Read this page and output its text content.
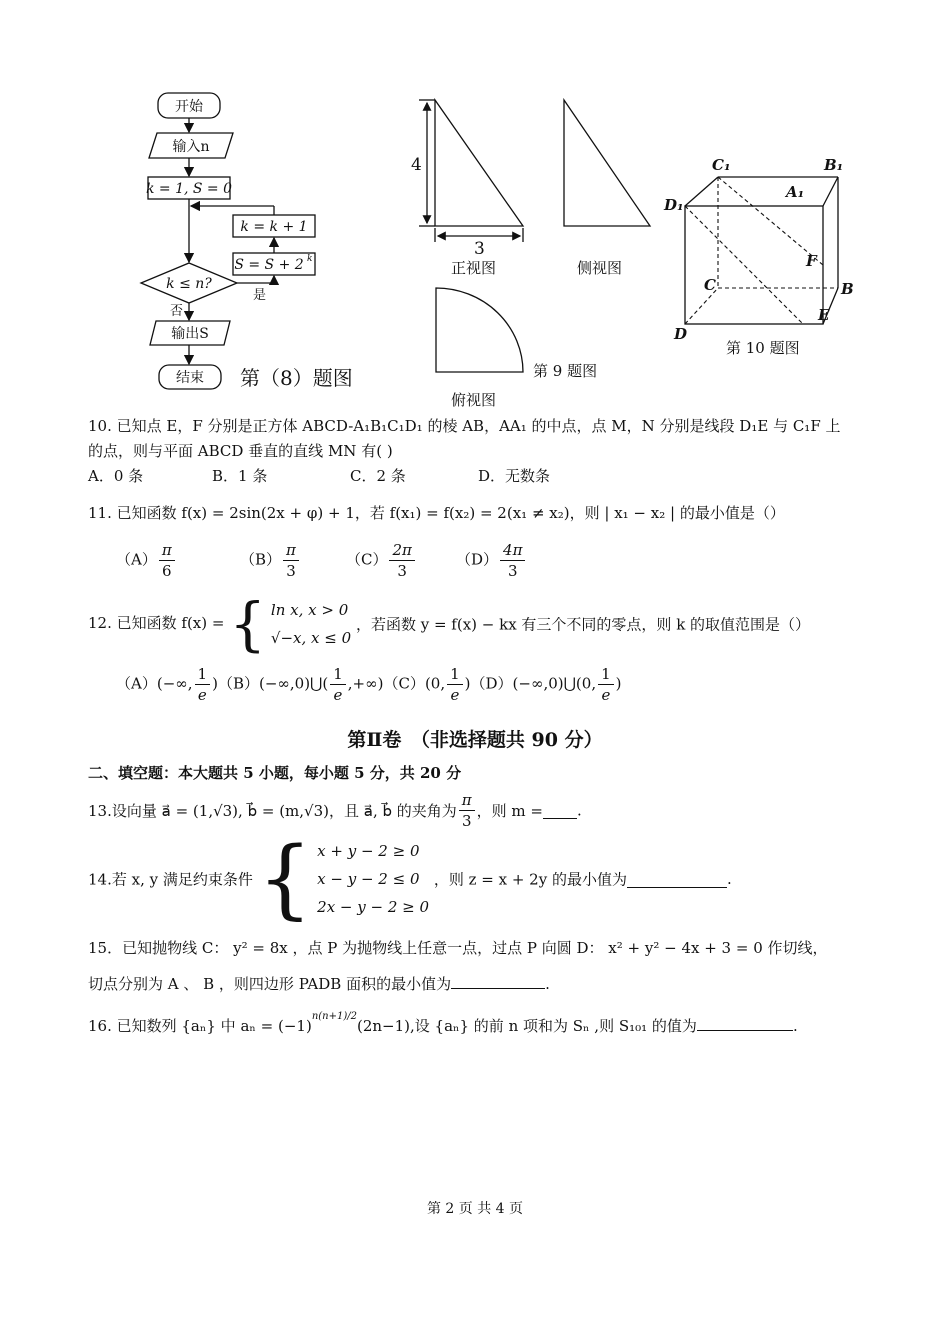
开始
输入n
k = 1, S = 0
k = k + 1
S = S + 2 k
k ≤ n?
是
否
输出S
结束 第（8）题图
4
3
正视图	侧视图
俯视图
第 9 题图
C₁	B₁
A₁
D₁
F
C	B
D
E
第 10 题图
10. 已知点 E，F 分别是正方体 ABCD-A₁B₁C₁D₁ 的棱 AB，AA₁ 的中点，点 M，N 分别是线段 D₁E 与 C₁F 上
的点，则与平面 ABCD 垂直的直线 MN 有( )
A．0 条	B．1 条	C．2 条	D．无数条
11. 已知函数 f(x) = 2sin(2x + φ) + 1，若 f(x₁) = f(x₂) = 2(x₁ ≠ x₂)，则 | x₁ − x₂ | 的最小值是（）
$(A) \frac{\pi}{6}$	$(B) \frac{\pi}{3}$	$(C) \frac{2\pi}{3}$	$(D) \frac{4\pi}{3}$
12. 已知函数 f(x) = { ln x, x > 0
√−x, x ≤ 0 ，若函数 y = f(x) − kx 有三个不同的零点，则 k 的取值范围是（）
（A）(−∞, $\frac{1}{e}$ )（B）(−∞,0)⋃( $\frac{1}{e} ,+\infty)(C)(0$, $\frac{1}{e}$ )（D）(−∞,0)⋃(0, $\frac{1}{e}$ )
第Ⅱ卷　（非选择题共 90 分）
二、填空题：本大题共 5 小题，每小题 5 分，共 20 分
13.设向量 a⃗ = (1,√3), b⃗ = (m,√3)，且 a⃗, b⃗ 的夹角为 $\frac{\pi}{3}$ ，则 m = .
14.若 x, y 满足约束条件 { x + y − 2 ≥ 0
x − y − 2 ≤ 0
2x − y − 2 ≥ 0 ，则 z = x + 2y 的最小值为	.
15．已知抛物线 C： y² = 8x ，点 P 为抛物线上任意一点，过点 P 向圆 D： x² + y² − 4x + 3 = 0 作切线，
切点分别为 A 、 B ，则四边形 PADB 面积的最小值为	.
16. 已知数列 {aₙ} 中 $a_n = (-1)^{n(n+1)/2}(2n-1)$,设 {aₙ} 的前 n 项和为 Sₙ ,则 S₁₀₁ 的值为	.
第 2 页 共 4 页
